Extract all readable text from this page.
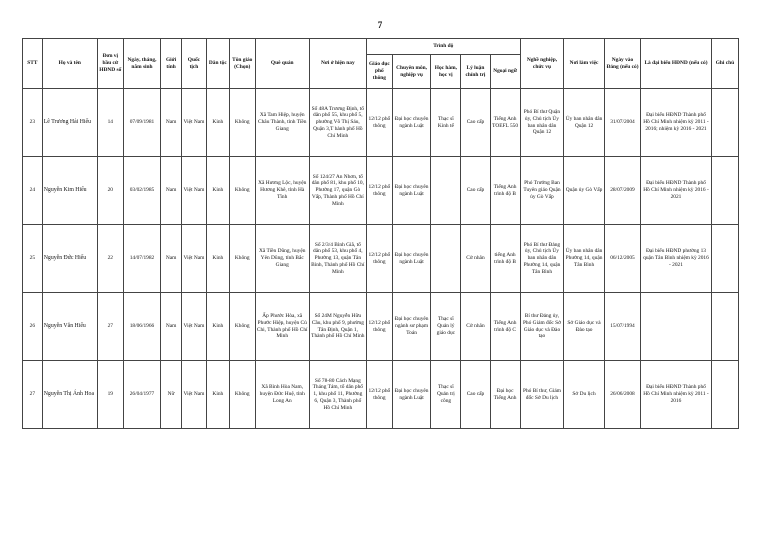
7
STT	Họ và tên	Đơn vị bầu cử HĐND số	Ngày, tháng, năm sinh	Giới tính	Quốc tịch	Dân tộc	Tôn giáo (Chọn)	Quê quán	Nơi ở hiện nay	Trình độ					Nghề nghiệp, chức vụ	Nơi làm việc	Ngày vào Đảng (nếu có)	Là đại biểu HĐND (nếu có)	Ghi chú
										Giáo dục phổ thông	Chuyên môn, nghiệp vụ	Học hàm, học vị	Lý luận chính trị	Ngoại ngữ					
23	Lê Trương Hải Hiếu	14	07/09/1981	Nam	Việt Nam	Kinh	Không	Xã Tam Hiệp, huyện Châu Thành, tỉnh Tiền Giang	Số 48A Trương Định, tổ dân phố 55, khu phố 5, phường Võ Thị Sáu, Quận 3,T hành phố Hồ Chí Minh	12/12 phổ thông	Đại học chuyên ngành Luật	Thạc sĩ Kinh tế	Cao cấp	Tiếng Anh TOEFL 550	Phó Bí thư Quận ủy, Chủ tịch Ủy ban nhân dân Quận 12	Ủy ban nhân dân Quận 12	31/07/2004	Đại biểu HĐND Thành phố Hồ Chí Minh nhiệm kỳ 2011 - 2016; nhiệm kỳ 2016 - 2021	
24	Nguyễn Kim Hiếu	20	03/02/1985	Nam	Việt Nam	Kinh	Không	Xã Hương Lộc, huyện Hương Khê, tỉnh Hà Tĩnh	Số 124/27 An Nhơn, tổ dân phố 81, khu phố 10, Phường 17, quận Gò Vấp, Thành phố Hồ Chí Minh	12/12 phổ thông	Đại học chuyên ngành Luật		Cao cấp	Tiếng Anh trình độ B	Phó Trưởng Ban Tuyên giáo Quận ủy Gò Vấp	Quận ủy Gò Vấp	28/07/2009	Đại biểu HĐND Thành phố Hồ Chí Minh nhiệm kỳ 2016 - 2021	
25	Nguyễn Đức Hiếu	22	14/07/1982	Nam	Việt Nam	Kinh	Không	Xã Tiền Dũng, huyện Yên Dũng, tỉnh Bắc Giang	Số 2/3/4 Bình Giã, tổ dân phố 53, khu phố 4, Phường 13, quận Tân Bình, Thành phố Hồ Chí Minh	12/12 phổ thông	Đại học chuyên ngành Luật		Cử nhân	tiếng Anh trình độ B	Phó Bí thư Đảng ủy, Chủ tịch Ủy ban nhân dân Phường 14, quận Tân Bình	Ủy ban nhân dân Phường 14, quận Tân Bình	06/12/2005	Đại biểu HĐND phường 13 quận Tân Bình nhiệm kỳ 2016 - 2021	
26	Nguyễn Văn Hiếu	27	18/06/1966	Nam	Việt Nam	Kinh	Không	Ấp Phước Hòa, xã Phước Hiệp, huyện Củ Chi, Thành phố Hồ Chí Minh	Số 24M Nguyễn Hữu Cầu, khu phố 9, phường Tân Định, Quận 1, Thành phố Hồ Chí Minh	12/12 phổ thông	Đại học chuyên ngành sư phạm Toán	Thạc sĩ Quản lý giáo dục	Cử nhân	Tiếng Anh trình độ C	Bí thư Đảng ủy, Phó Giám đốc Sở Giáo dục và Đào tạo	Sở Giáo dục và Đào tạo	15/07/1994		
27	Nguyễn Thị Ánh Hoa	19	26/04/1977	Nữ	Việt Nam	Kinh	Không	Xã Bình Hòa Nam, huyện Đức Huệ, tỉnh Long An	Số 78-80 Cách Mạng Tháng Tám, tổ dân phố 1, khu phố 11, Phường 6, Quận 3, Thành phố Hồ Chí Minh	12/12 phổ thông	Đại học chuyên ngành Luật	Thạc sĩ Quản trị công	Cao cấp	Đại học Tiếng Anh	Phó Bí thư, Giám đốc Sở Du lịch	Sở Du lịch	26/06/2008	Đại biểu HĐND Thành phố Hồ Chí Minh nhiệm kỳ 2011 - 2016	
